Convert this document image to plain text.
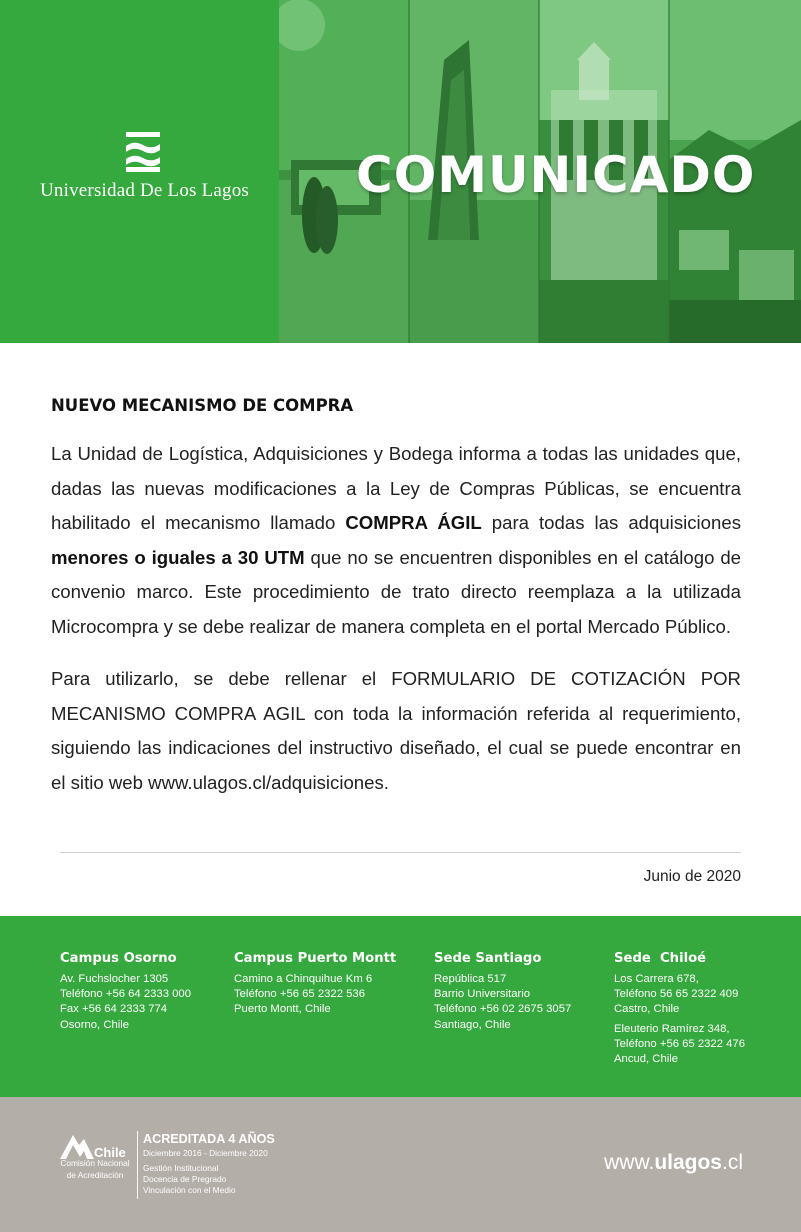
Universidad De Los Lagos COMUNICADO
NUEVO MECANISMO DE COMPRA

La Unidad de Logística, Adquisiciones y Bodega informa a todas las unidades que, dadas las nuevas modificaciones a la Ley de Compras Públicas, se encuentra habilitado el mecanismo llamado COMPRA ÁGIL para todas las adquisiciones menores o iguales a 30 UTM que no se encuentren disponibles en el catálogo de convenio marco. Este procedimiento de trato directo reemplaza a la utilizada Microcompra y se debe realizar de manera completa en el portal Mercado Público.

Para utilizarlo, se debe rellenar el FORMULARIO DE COTIZACIÓN POR MECANISMO COMPRA AGIL con toda la información referida al requerimiento, siguiendo las indicaciones del instructivo diseñado, el cual se puede encontrar en el sitio web www.ulagos.cl/adquisiciones.

Junio de 2020
Campus Osorno
Av. Fuchslocher 1305
Teléfono +56 64 2333 000
Fax +56 64 2333 774
Osorno, Chile
Campus Puerto Montt
Camino a Chinquihue Km 6
Teléfono +56 65 2322 536
Puerto Montt, Chile
Sede Santiago
República 517
Barrio Universitario
Teléfono +56 02 2675 3057
Santiago, Chile
Sede  Chiloé
Los Carrera 678,
Teléfono 56 65 2322 409
Castro, Chile
Eleuterio Ramírez 348,
Teléfono +56 65 2322 476
Ancud, Chile
Chile
Comisión Nacional
de Acreditación
ACREDITADA 4 AÑOS
Diciembre 2016 - Diciembre 2020
Gestión Institucional
Docencia de Pregrado
Vinculación con el Medio
www.ulagos.cl
